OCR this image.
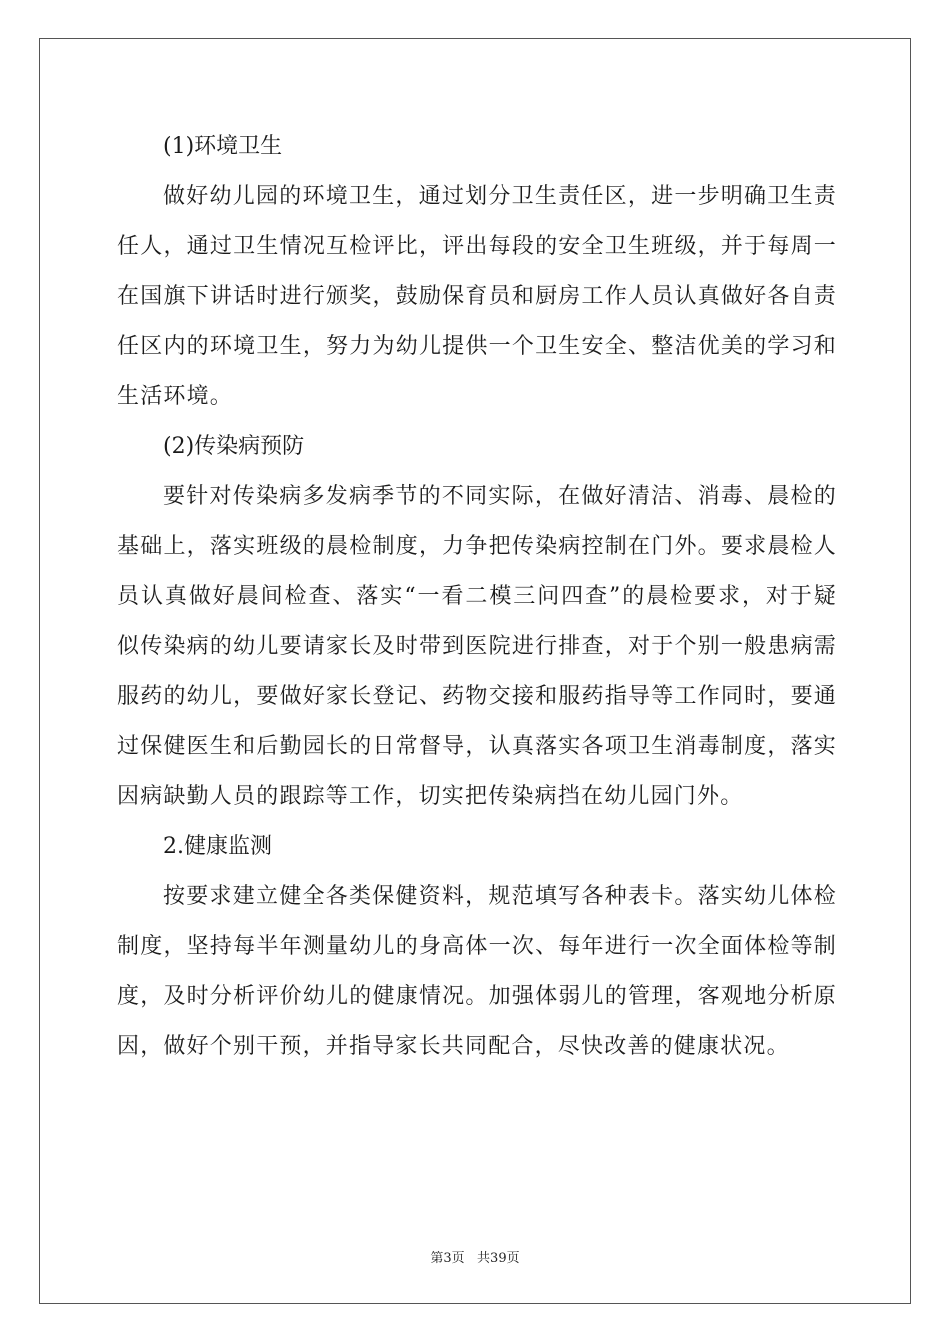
(1)环境卫生

做好幼儿园的环境卫生，通过划分卫生责任区，进一步明确卫生责任人，通过卫生情况互检评比，评出每段的安全卫生班级，并于每周一在国旗下讲话时进行颁奖，鼓励保育员和厨房工作人员认真做好各自责任区内的环境卫生，努力为幼儿提供一个卫生安全、整洁优美的学习和生活环境。

(2)传染病预防

要针对传染病多发病季节的不同实际，在做好清洁、消毒、晨检的基础上，落实班级的晨检制度，力争把传染病控制在门外。要求晨检人员认真做好晨间检查、落实“一看二模三问四查”的晨检要求，对于疑似传染病的幼儿要请家长及时带到医院进行排查，对于个别一般患病需服药的幼儿，要做好家长登记、药物交接和服药指导等工作同时，要通过保健医生和后勤园长的日常督导，认真落实各项卫生消毒制度，落实因病缺勤人员的跟踪等工作，切实把传染病挡在幼儿园门外。

2.健康监测

按要求建立健全各类保健资料，规范填写各种表卡。落实幼儿体检制度，坚持每半年测量幼儿的身高体一次、每年进行一次全面体检等制度，及时分析评价幼儿的健康情况。加强体弱儿的管理，客观地分析原因，做好个别干预，并指导家长共同配合，尽快改善的健康状况。

第3页   共39页
